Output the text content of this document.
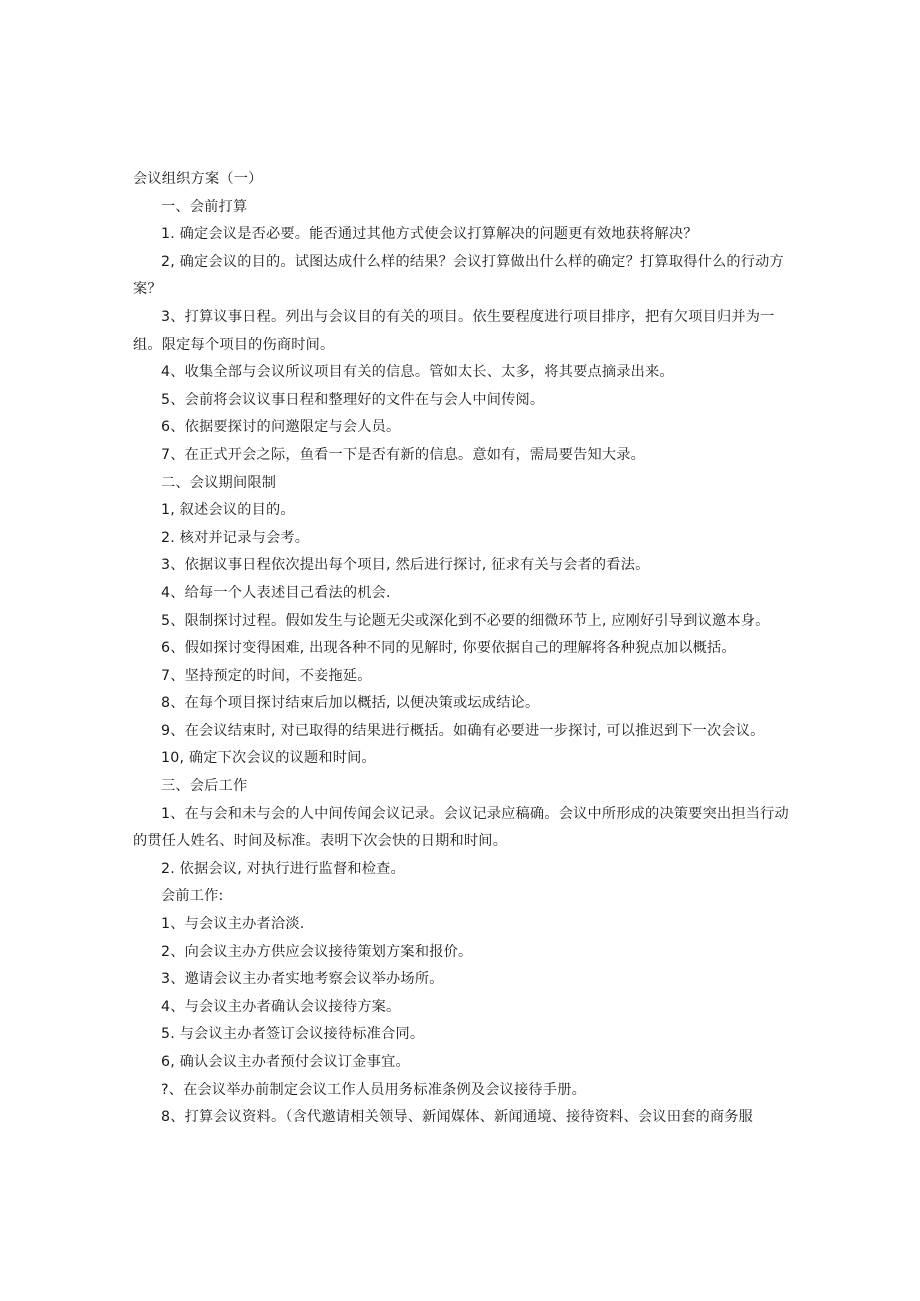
会议组织方案（一）

一、会前打算

1. 确定会议是否必要。能否通过其他方式使会议打算解决的问题更有效地获将解决？

2, 确定会议的目的。试图达成什么样的结果？会议打算做出什么样的确定？打算取得什么的行动方案？

3、打算议事日程。列出与会议目的有关的项目。依生要程度进行项目排序，把有欠项目归并为一组。限定每个项目的伤商时间。

4、收集全部与会议所议项目有关的信息。管如太长、太多，将其要点摘录出来。

5、会前将会议议事日程和整理好的文件在与会人中间传阅。

6、依据要探讨的问邀限定与会人员。

7、在正式开会之际，鱼看一下是否有新的信息。意如有，需局要告知大录。

二、会议期间限制

1, 叙述会议的目的。

2. 核对并记录与会考。

3、依据议事日程依次提出每个项目, 然后进行探讨, 征求有关与会者的看法。

4、给每一个人表述目己看法的机会.

5、限制探讨过程。假如发生与论题无尖或深化到不必要的细微环节上, 应刚好引导到议邀本身。

6、假如探讨变得困难, 出现各种不同的见解时, 你要依据自己的理解将各种猊点加以概括。

7、坚持预定的时间，不妾拖延。

8、在每个项目探讨结束后加以概括, 以便决策或坛成结论。

9、在会议结束时, 对已取得的结果进行概括。如确有必要进一步探讨, 可以推迟到下一次会议。

10, 确定下次会议的议题和时间。

三、会后工作

1、在与会和未与会的人中间传闻会议记录。会议记录应稿确。会议中所形成的决策要突出担当行动的贯任人姓名、时间及标准。表明下次会快的日期和时间。

2. 依据会议, 对执行进行监督和检查。

会前工作:

1、与会议主办者洽淡.

2、向会议主办方供应会议接待策划方案和报价。

3、邀请会议主办者实地考察会议举办场所。

4、与会议主办者确认会议接待方案。

5. 与会议主办者签订会议接待标准合同。

6, 确认会议主办者预付会议订金事宜。

?、在会议举办前制定会议工作人员用务标准条例及会议接待手册。

8、打算会议资料。（含代邀请相关领导、新闻媒体、新闻通境、接待资料、会议田套的商务服
